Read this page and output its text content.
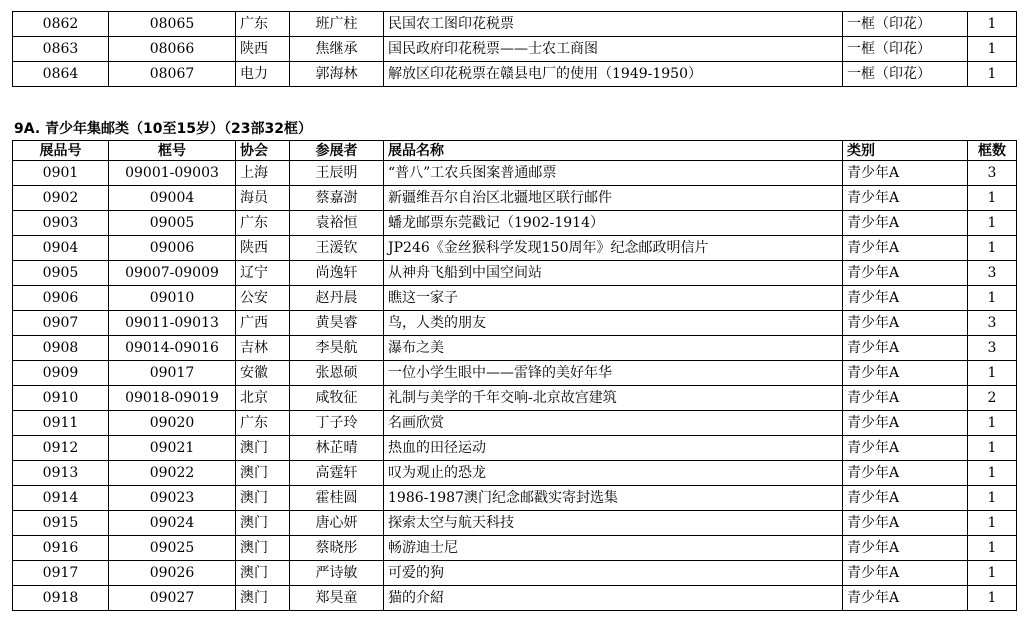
0862	08065	广东	班广柱	民国农工图印花税票	一框（印花）	1
0863	08066	陕西	焦继承	国民政府印花税票——士农工商图	一框（印花）	1
0864	08067	电力	郭海林	解放区印花税票在赣县电厂的使用（1949-1950）	一框（印花）	1
9A. 青少年集邮类（10至15岁）（23部32框）
展品号	框号	协会	参展者	展品名称	类别	框数
0901	09001-09003	上海	王辰明	“普八”工农兵图案普通邮票	青少年A	3
0902	09004	海员	蔡嘉澍	新疆维吾尔自治区北疆地区联行邮件	青少年A	1
0903	09005	广东	袁裕恒	蟠龙邮票东莞戳记（1902-1914）	青少年A	1
0904	09006	陕西	王湲钦	JP246《金丝猴科学发现150周年》纪念邮政明信片	青少年A	1
0905	09007-09009	辽宁	尚逸轩	从神舟飞船到中国空间站	青少年A	3
0906	09010	公安	赵丹晨	瞧这一家子	青少年A	1
0907	09011-09013	广西	黄昊睿	鸟，人类的朋友	青少年A	3
0908	09014-09016	吉林	李昊航	瀑布之美	青少年A	3
0909	09017	安徽	张恩硕	一位小学生眼中——雷锋的美好年华	青少年A	1
0910	09018-09019	北京	咸牧征	礼制与美学的千年交响-北京故宫建筑	青少年A	2
0911	09020	广东	丁子玲	名画欣赏	青少年A	1
0912	09021	澳门	林芷晴	热血的田径运动	青少年A	1
0913	09022	澳门	高霆轩	叹为观止的恐龙	青少年A	1
0914	09023	澳门	霍桂圆	1986-1987澳门纪念邮戳实寄封选集	青少年A	1
0915	09024	澳门	唐心妍	探索太空与航天科技	青少年A	1
0916	09025	澳门	蔡晓彤	畅游迪士尼	青少年A	1
0917	09026	澳门	严诗敏	可爱的狗	青少年A	1
0918	09027	澳门	郑昊童	猫的介紹	青少年A	1
